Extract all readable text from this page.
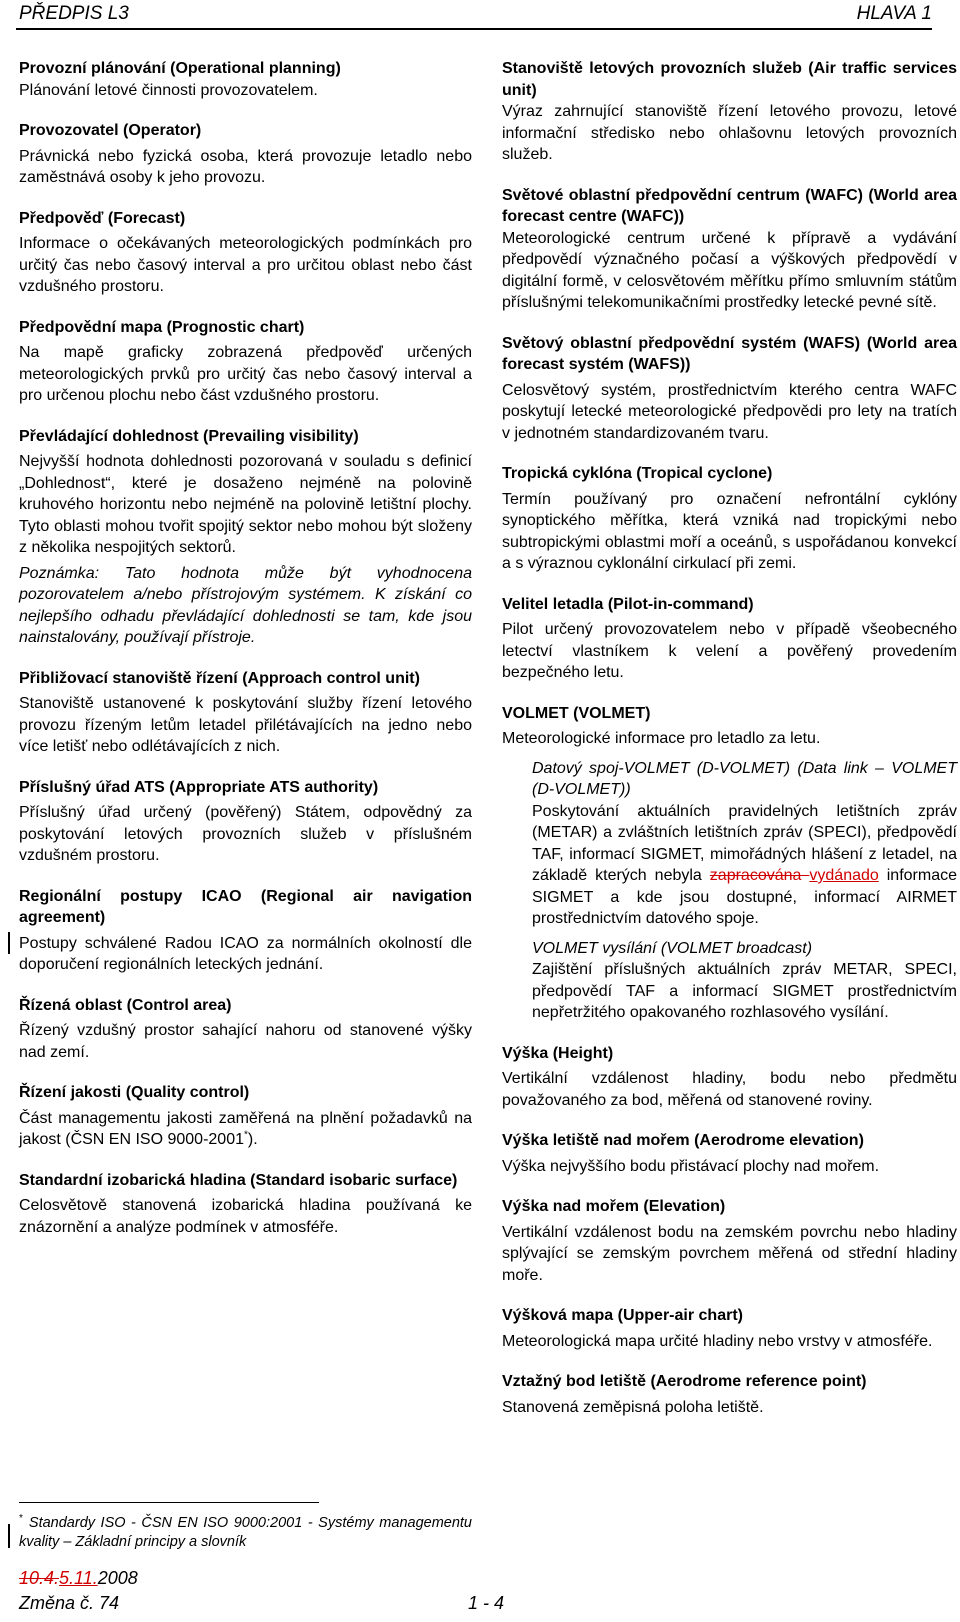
PŘEDPIS L3	HLAVA 1

Provozní plánování (Operational planning)

Plánování letové činnosti provozovatelem.

Provozovatel (Operator)

Právnická nebo fyzická osoba, která provozuje letadlo nebo zaměstnává osoby k jeho provozu.

Předpověď (Forecast)

Informace o očekávaných meteorologických podmínkách pro určitý čas nebo časový interval a pro určitou oblast nebo část vzdušného prostoru.

Předpovědní mapa (Prognostic chart)

Na mapě graficky zobrazená předpověď určených meteorologických prvků pro určitý čas nebo časový interval a pro určenou plochu nebo část vzdušného prostoru.

Převládající dohlednost (Prevailing visibility)

Nejvyšší hodnota dohlednosti pozorovaná v souladu s definicí „Dohlednost“, které je dosaženo nejméně na polovině kruhového horizontu nebo nejméně na polovině letištní plochy. Tyto oblasti mohou tvořit spojitý sektor nebo mohou být složeny z několika nespojitých sektorů.

Poznámka: Tato hodnota může být vyhodnocena pozorovatelem a/nebo přístrojovým systémem. K získání co nejlepšího odhadu převládající dohlednosti se tam, kde jsou nainstalovány, používají přístroje.

Přibližovací stanoviště řízení (Approach control unit)

Stanoviště ustanovené k poskytování služby řízení letového provozu řízeným letům letadel přilétávajících na jedno nebo více letišť nebo odlétávajících z nich.

Příslušný úřad ATS (Appropriate ATS authority)

Příslušný úřad určený (pověřený) Státem, odpovědný za poskytování letových provozních služeb v příslušném vzdušném prostoru.

Regionální postupy ICAO (Regional air navigation agreement)

Postupy schválené Radou ICAO za normálních okolností dle doporučení regionálních leteckých jednání.

Řízená oblast (Control area)

Řízený vzdušný prostor sahající nahoru od stanovené výšky nad zemí.

Řízení jakosti (Quality control)

Část managementu jakosti zaměřená na plnění požadavků na jakost (ČSN EN ISO 9000-2001*).

Standardní izobarická hladina (Standard isobaric surface)

Celosvětově stanovená izobarická hladina používaná ke znázornění a analýze podmínek v atmosféře.

Stanoviště letových provozních služeb (Air traffic services unit)

Výraz zahrnující stanoviště řízení letového provozu, letové informační středisko nebo ohlašovnu letových provozních služeb.

Světové oblastní předpovědní centrum (WAFC) (World area forecast centre (WAFC))

Meteorologické centrum určené k přípravě a vydávání předpovědí význačného počasí a výškových předpovědí v digitální formě, v celosvětovém měřítku přímo smluvním státům příslušnými telekomunikačními prostředky letecké pevné sítě.

Světový oblastní předpovědní systém (WAFS) (World area forecast systém (WAFS))

Celosvětový systém, prostřednictvím kterého centra WAFC poskytují letecké meteorologické předpovědi pro lety na tratích v jednotném standardizovaném tvaru.

Tropická cyklóna (Tropical cyclone)

Termín používaný pro označení nefrontální cyklóny synoptického měřítka, která vzniká nad tropickými nebo subtropickými oblastmi moří a oceánů, s uspořádanou konvekcí a s výraznou cyklonální cirkulací při zemi.

Velitel letadla (Pilot-in-command)

Pilot určený provozovatelem nebo v případě všeobecného letectví vlastníkem k velení a pověřený provedením bezpečného letu.

VOLMET (VOLMET)

Meteorologické informace pro letadlo za letu.

Datový spoj-VOLMET (D-VOLMET) (Data link – VOLMET (D-VOLMET))

Poskytování aktuálních pravidelných letištních zpráv (METAR) a zvláštních letištních zpráv (SPECI), předpovědí TAF, informací SIGMET, mimořádných hlášení z letadel, na základě kterých nebyla zapracována vydánado informace SIGMET a kde jsou dostupné, informací AIRMET prostřednictvím datového spoje.

VOLMET vysílání (VOLMET broadcast)

Zajištění příslušných aktuálních zpráv METAR, SPECI, předpovědí TAF a informací SIGMET prostřednictvím nepřetržitého opakovaného rozhlasového vysílání.

Výška (Height)

Vertikální vzdálenost hladiny, bodu nebo předmětu považovaného za bod, měřená od stanovené roviny.

Výška letiště nad mořem (Aerodrome elevation)

Výška nejvyššího bodu přistávací plochy nad mořem.

Výška nad mořem (Elevation)

Vertikální vzdálenost bodu na zemském povrchu nebo hladiny splývající se zemským povrchem měřená od střední hladiny moře.

Výšková mapa (Upper-air chart)

Meteorologická mapa určité hladiny nebo vrstvy v atmosféře.

Vztažný bod letiště (Aerodrome reference point)

Stanovená zeměpisná poloha letiště.

* Standardy ISO - ČSN EN ISO 9000:2001 - Systémy managementu kvality – Základní principy a slovník
10.4.5.11.2008
Změna č. 74	1 - 4
